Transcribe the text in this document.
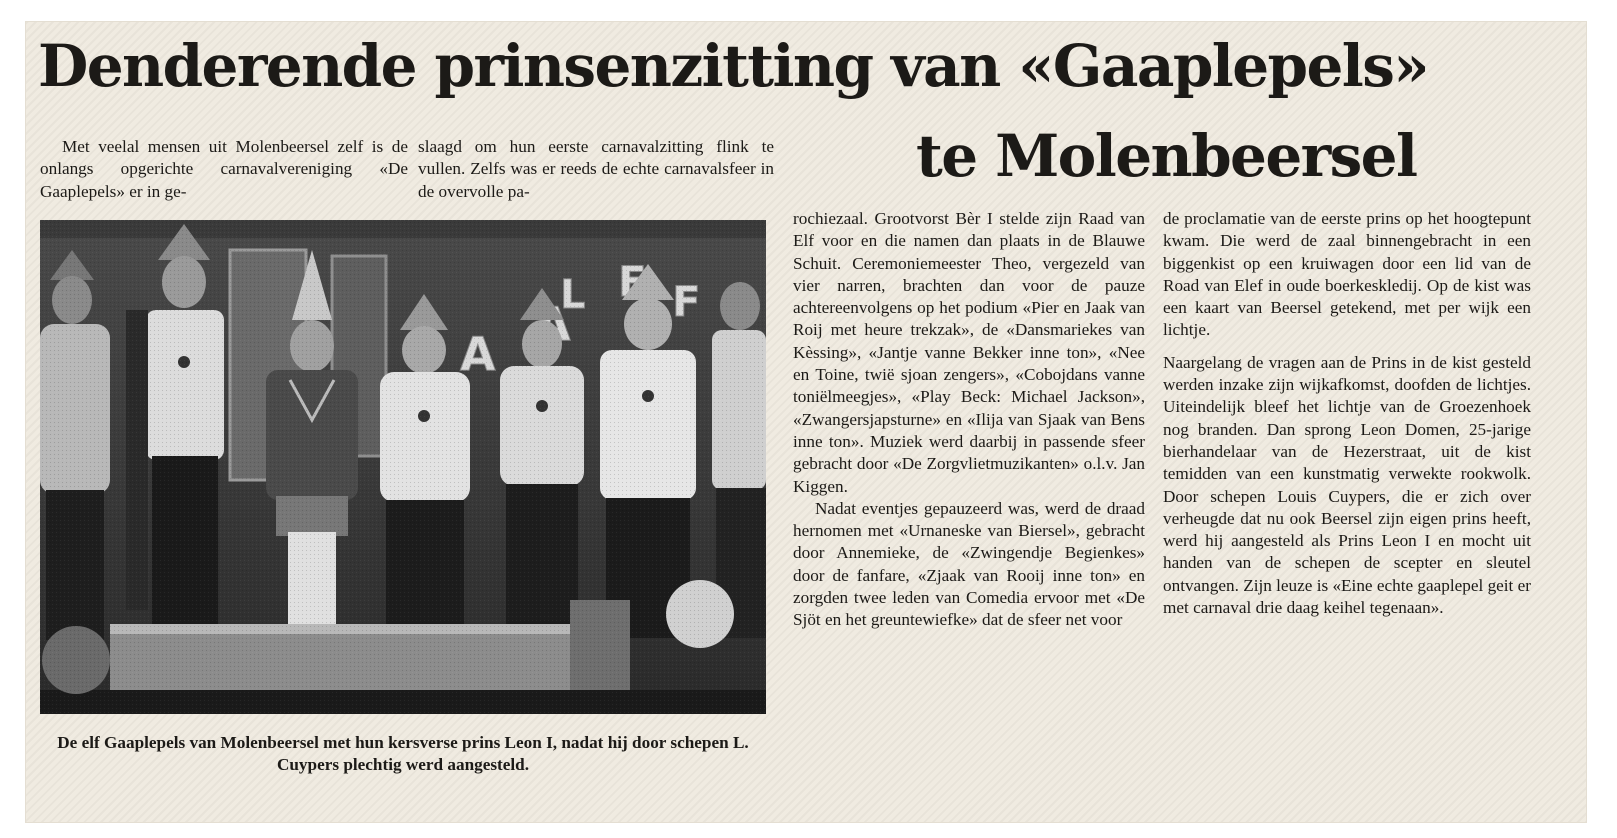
Denderende prinsenzitting van «Gaaplepels»
te Molenbeersel

Met veelal mensen uit Molenbeersel zelf is de onlangs opgerichte carnavalvereniging «De Gaaplepels» er in ge-

slaagd om hun eerste carnavalzitting flink te vullen. Zelfs was er reeds de echte carnavalsfeer in de overvolle pa-

De elf Gaaplepels van Molenbeersel met hun kersverse prins Leon I, nadat hij door schepen L. Cuypers plechtig werd aangesteld.

rochiezaal. Grootvorst Bèr I stelde zijn Raad van Elf voor en die namen dan plaats in de Blauwe Schuit. Ceremoniemeester Theo, vergezeld van vier narren, brachten dan voor de pauze achtereenvolgens op het podium «Pier en Jaak van Roij met heure trekzak», de «Dansmariekes van Kèssing», «Jantje vanne Bekker inne ton», «Nee en Toine, twië sjoan zengers», «Cobojdans vanne toniëlmeegjes», «Play Beck: Michael Jackson», «Zwangersjapsturne» en «Ilija van Sjaak van Bens inne ton». Muziek werd daarbij in passende sfeer gebracht door «De Zorgvlietmuzikanten» o.l.v. Jan Kiggen.

Nadat eventjes gepauzeerd was, werd de draad hernomen met «Urnaneske van Biersel», gebracht door Annemieke, de «Zwingendje Begienkes» door de fanfare, «Zjaak van Rooij inne ton» en zorgden twee leden van Comedia ervoor met «De Sjöt en het greuntewiefke» dat de sfeer net voor

de proclamatie van de eerste prins op het hoogtepunt kwam. Die werd de zaal binnengebracht in een biggenkist op een kruiwagen door een lid van de Road van Elef in oude boerkeskledij. Op de kist was een kaart van Beersel getekend, met per wijk een lichtje.

Naargelang de vragen aan de Prins in de kist gesteld werden inzake zijn wijkafkomst, doofden de lichtjes. Uiteindelijk bleef het lichtje van de Groezenhoek nog branden. Dan sprong Leon Domen, 25-jarige bierhandelaar van de Hezerstraat, uit de kist temidden van een kunstmatig verwekte rookwolk. Door schepen Louis Cuypers, die er zich over verheugde dat nu ook Beersel zijn eigen prins heeft, werd hij aangesteld als Prins Leon I en mocht uit handen van de schepen de scepter en sleutel ontvangen. Zijn leuze is «Eine echte gaaplepel geit er met carnaval drie daag keihel tegenaan».
